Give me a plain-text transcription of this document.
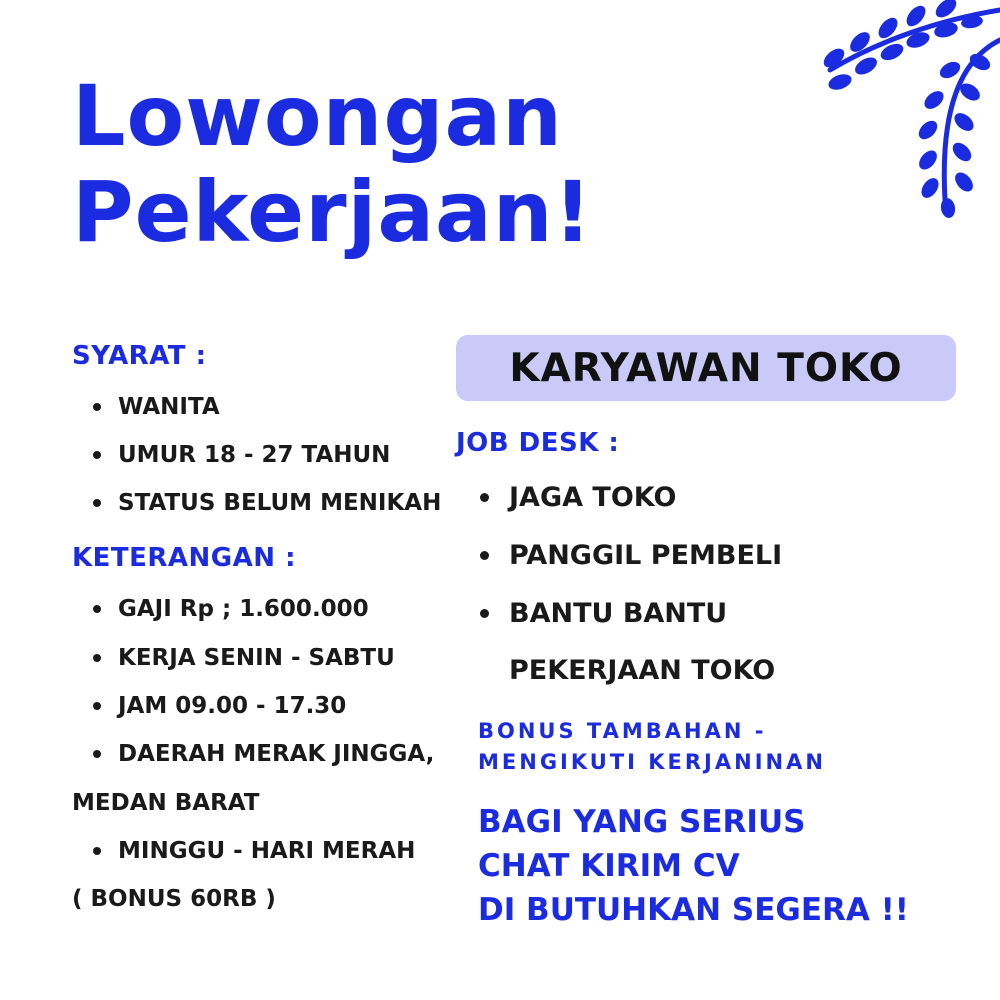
Lowongan
Pekerjaan!

SYARAT :

WANITA
UMUR 18 - 27 TAHUN
STATUS BELUM MENIKAH

KETERANGAN :

GAJI Rp ; 1.600.000
KERJA SENIN - SABTU
JAM 09.00 - 17.30
DAERAH MERAK JINGGA,

MEDAN BARAT

MINGGU - HARI MERAH

( BONUS 60RB )

KARYAWAN TOKO

JOB DESK :

JAGA TOKO
PANGGIL PEMBELI
BANTU BANTU

PEKERJAAN TOKO

BONUS TAMBAHAN -
MENGIKUTI KERJANINAN
BAGI YANG SERIUS
CHAT KIRIM CV
DI BUTUHKAN SEGERA !!
